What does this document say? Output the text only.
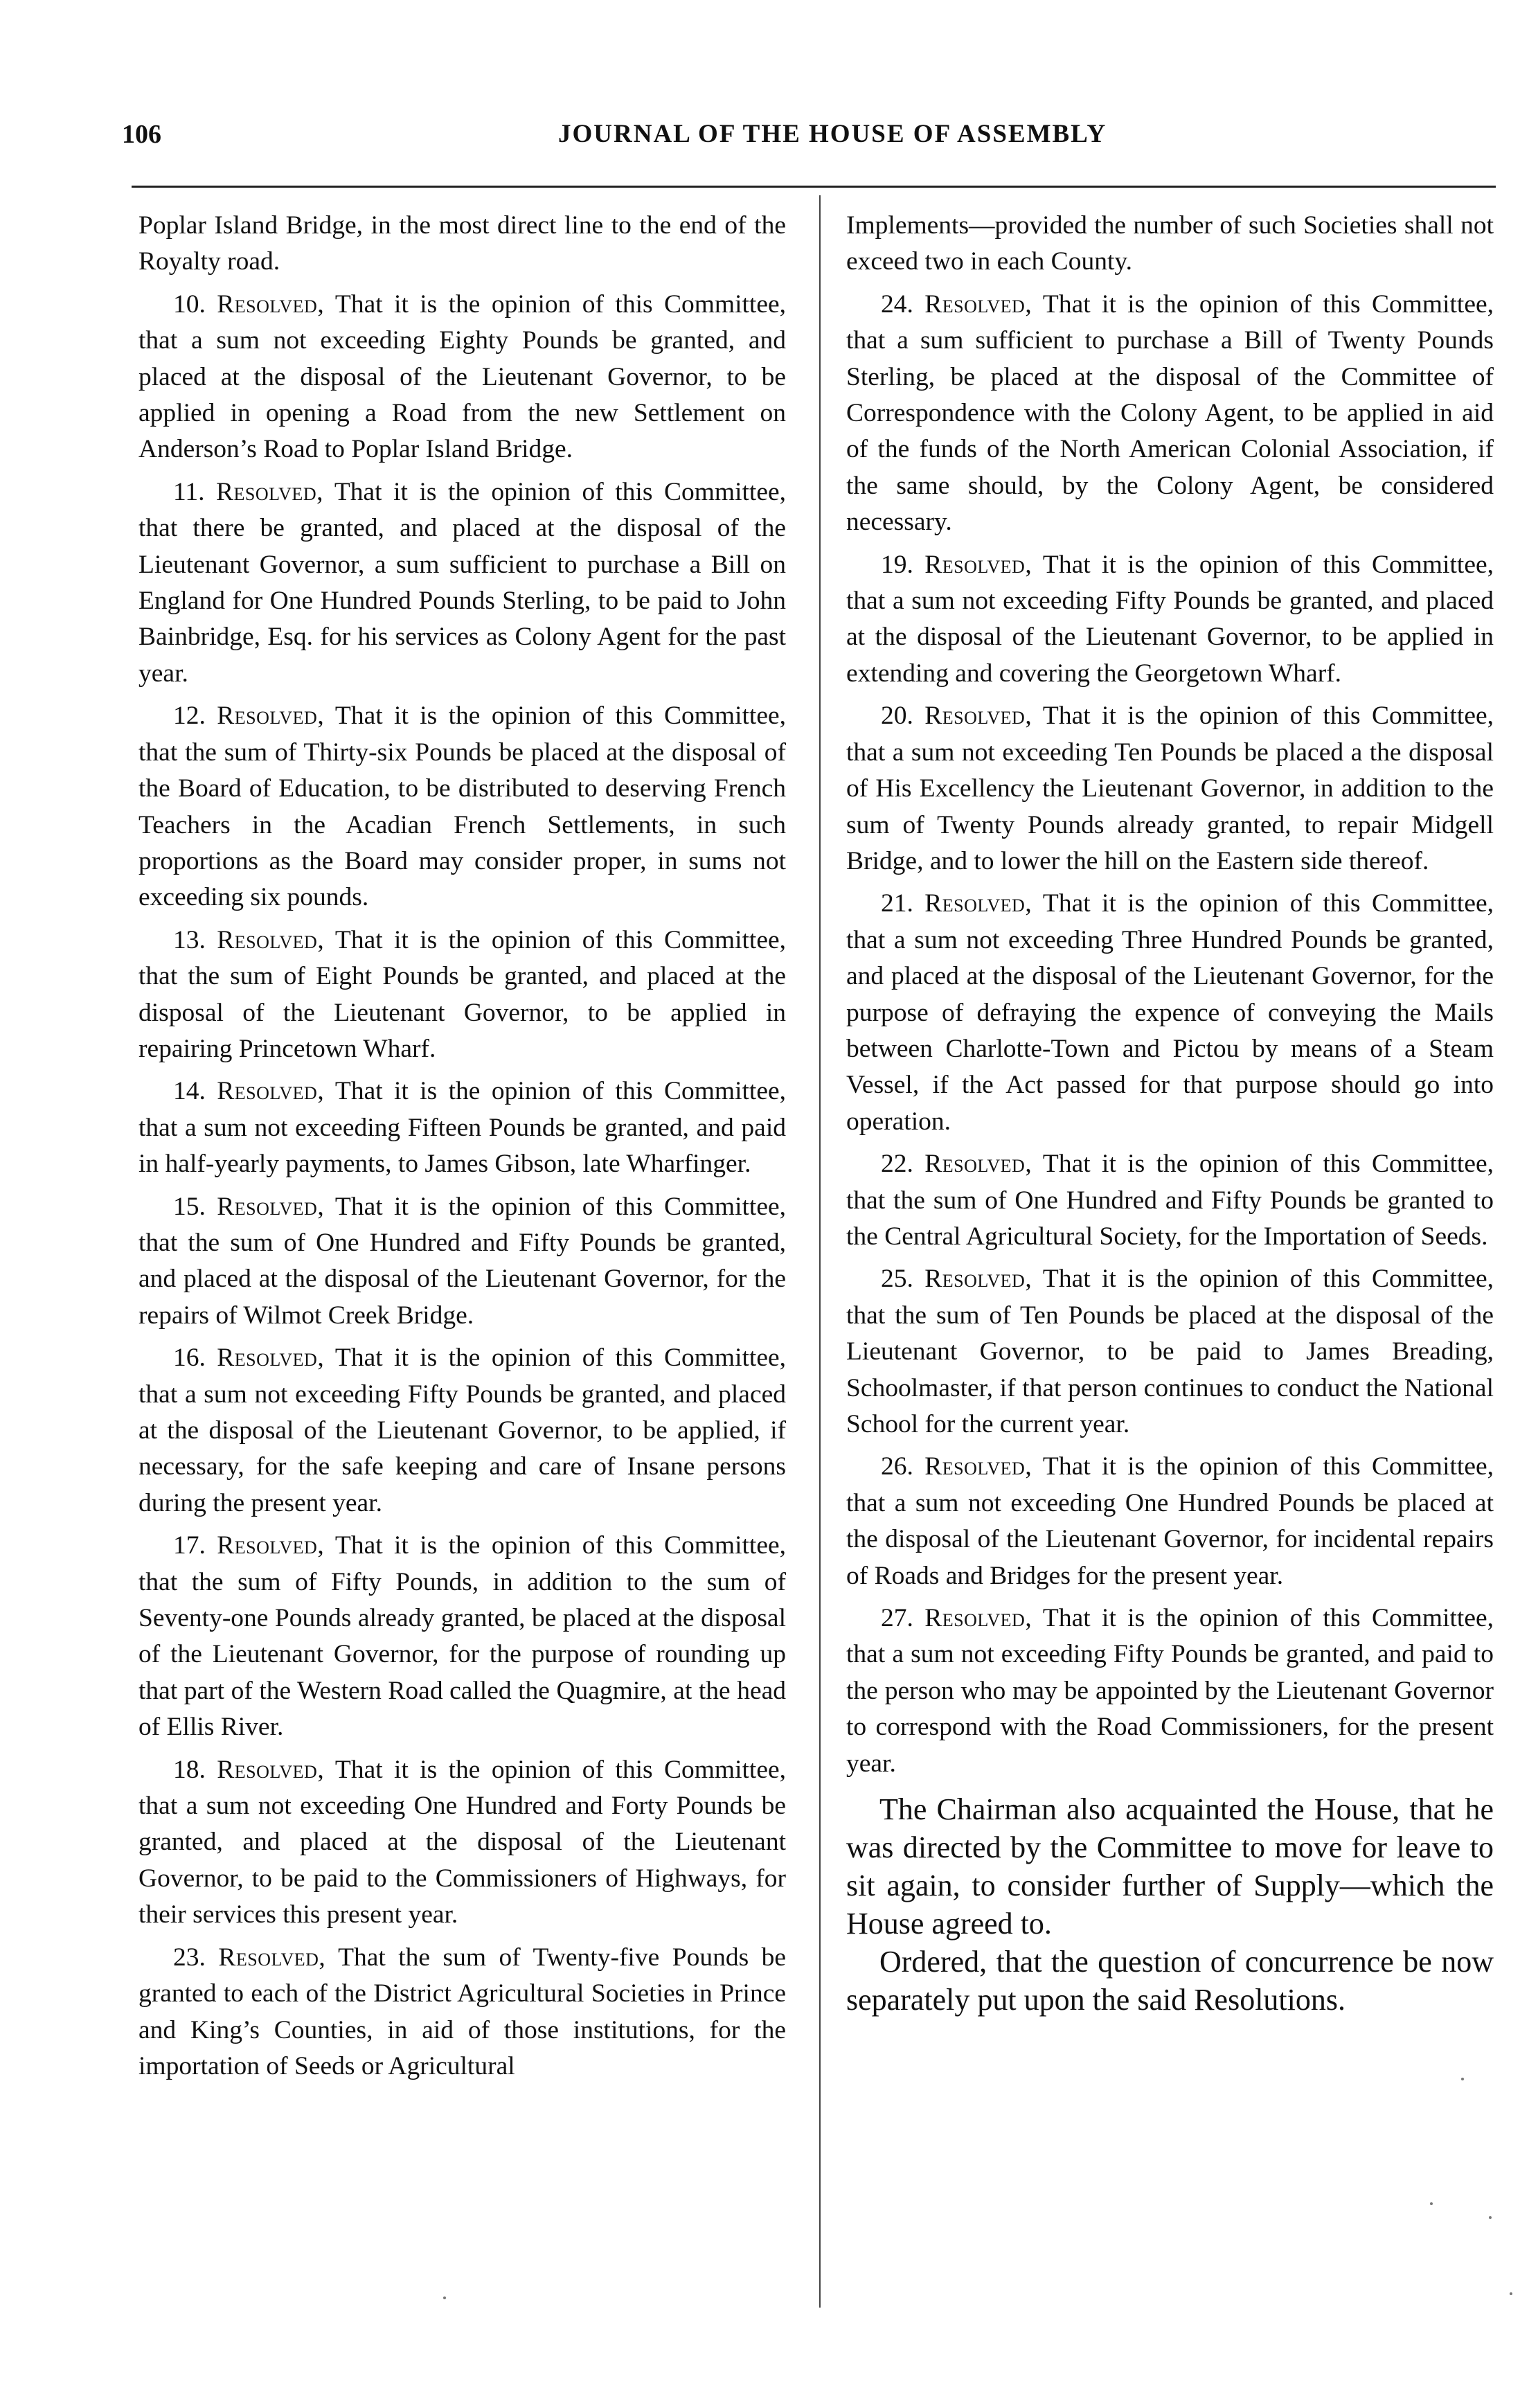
106	JOURNAL OF THE HOUSE OF ASSEMBLY

Poplar Island Bridge, in the most direct line to the end of the Royalty road.

10. Resolved, That it is the opinion of this Committee, that a sum not exceeding Eighty Pounds be granted, and placed at the disposal of the Lieutenant Governor, to be applied in opening a Road from the new Settlement on Anderson’s Road to Poplar Island Bridge.

11. Resolved, That it is the opinion of this Committee, that there be granted, and placed at the disposal of the Lieutenant Governor, a sum sufficient to purchase a Bill on England for One Hundred Pounds Sterling, to be paid to John Bainbridge, Esq. for his services as Colony Agent for the past year.

12. Resolved, That it is the opinion of this Committee, that the sum of Thirty-six Pounds be placed at the disposal of the Board of Education, to be distributed to deserving French Teachers in the Acadian French Settlements, in such proportions as the Board may consider proper, in sums not exceeding six pounds.

13. Resolved, That it is the opinion of this Committee, that the sum of Eight Pounds be granted, and placed at the disposal of the Lieutenant Governor, to be applied in repairing Princetown Wharf.

14. Resolved, That it is the opinion of this Committee, that a sum not exceeding Fifteen Pounds be granted, and paid in half-yearly payments, to James Gibson, late Wharfinger.

15. Resolved, That it is the opinion of this Committee, that the sum of One Hundred and Fifty Pounds be granted, and placed at the disposal of the Lieutenant Governor, for the repairs of Wilmot Creek Bridge.

16. Resolved, That it is the opinion of this Committee, that a sum not exceeding Fifty Pounds be granted, and placed at the disposal of the Lieutenant Governor, to be applied, if necessary, for the safe keeping and care of Insane persons during the present year.

17. Resolved, That it is the opinion of this Committee, that the sum of Fifty Pounds, in addition to the sum of Seventy-one Pounds already granted, be placed at the disposal of the Lieutenant Governor, for the purpose of rounding up that part of the Western Road called the Quagmire, at the head of Ellis River.

18. Resolved, That it is the opinion of this Committee, that a sum not exceeding One Hundred and Forty Pounds be granted, and placed at the disposal of the Lieutenant Governor, to be paid to the Commissioners of Highways, for their services this present year.

23. Resolved, That the sum of Twenty-five Pounds be granted to each of the District Agricultural Societies in Prince and King’s Counties, in aid of those institutions, for the importation of Seeds or Agricultural

Implements—provided the number of such Societies shall not exceed two in each County.

24. Resolved, That it is the opinion of this Committee, that a sum sufficient to purchase a Bill of Twenty Pounds Sterling, be placed at the disposal of the Committee of Correspondence with the Colony Agent, to be applied in aid of the funds of the North American Colonial Association, if the same should, by the Colony Agent, be considered necessary.

19. Resolved, That it is the opinion of this Committee, that a sum not exceeding Fifty Pounds be granted, and placed at the disposal of the Lieutenant Governor, to be applied in extending and covering the Georgetown Wharf.

20. Resolved, That it is the opinion of this Committee, that a sum not exceeding Ten Pounds be placed a the disposal of His Excellency the Lieutenant Governor, in addition to the sum of Twenty Pounds already granted, to repair Midgell Bridge, and to lower the hill on the Eastern side thereof.

21. Resolved, That it is the opinion of this Committee, that a sum not exceeding Three Hundred Pounds be granted, and placed at the disposal of the Lieutenant Governor, for the purpose of defraying the expence of conveying the Mails between Charlotte-Town and Pictou by means of a Steam Vessel, if the Act passed for that purpose should go into operation.

22. Resolved, That it is the opinion of this Committee, that the sum of One Hundred and Fifty Pounds be granted to the Central Agricultural Society, for the Importation of Seeds.

25. Resolved, That it is the opinion of this Committee, that the sum of Ten Pounds be placed at the disposal of the Lieutenant Governor, to be paid to James Breading, Schoolmaster, if that person continues to conduct the National School for the current year.

26. Resolved, That it is the opinion of this Committee, that a sum not exceeding One Hundred Pounds be placed at the disposal of the Lieutenant Governor, for incidental repairs of Roads and Bridges for the present year.

27. Resolved, That it is the opinion of this Committee, that a sum not exceeding Fifty Pounds be granted, and paid to the person who may be appointed by the Lieutenant Governor to correspond with the Road Commissioners, for the present year.

The Chairman also acquainted the House, that he was directed by the Committee to move for leave to sit again, to consider further of Supply—which the House agreed to.

Ordered, that the question of concurrence be now separately put upon the said Resolutions.
